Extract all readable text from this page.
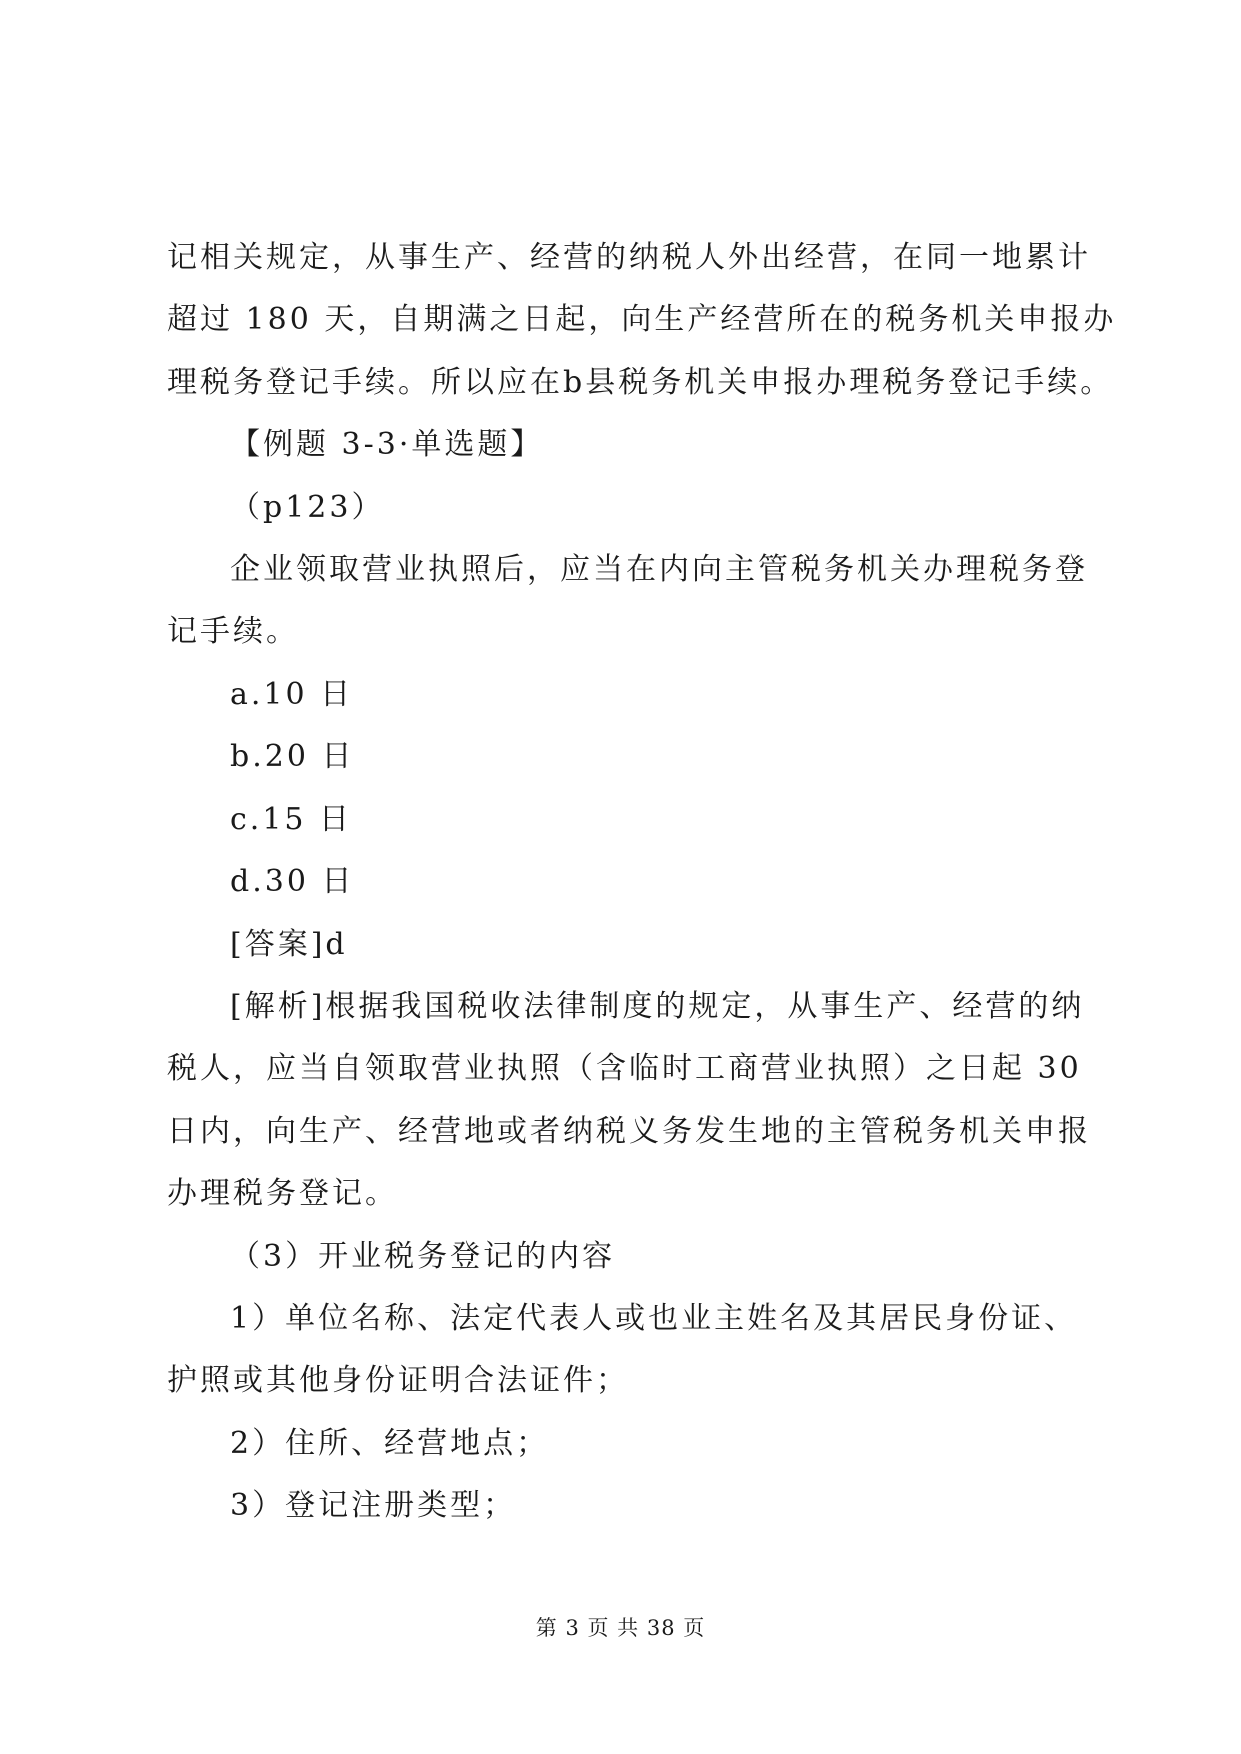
记相关规定，从事生产、经营的纳税人外出经营，在同一地累计
超过 180 天，自期满之日起，向生产经营所在的税务机关申报办
理税务登记手续。所以应在b县税务机关申报办理税务登记手续。
【例题 3-3·单选题】
（p123）
企业领取营业执照后，应当在内向主管税务机关办理税务登
记手续。
a.10 日
b.20 日
c.15 日
d.30 日
[答案]d
[解析]根据我国税收法律制度的规定，从事生产、经营的纳
税人，应当自领取营业执照（含临时工商营业执照）之日起 30
日内，向生产、经营地或者纳税义务发生地的主管税务机关申报
办理税务登记。
（3）开业税务登记的内容
1）单位名称、法定代表人或也业主姓名及其居民身份证、
护照或其他身份证明合法证件；
2）住所、经营地点；
3）登记注册类型；
第 3 页 共 38 页
